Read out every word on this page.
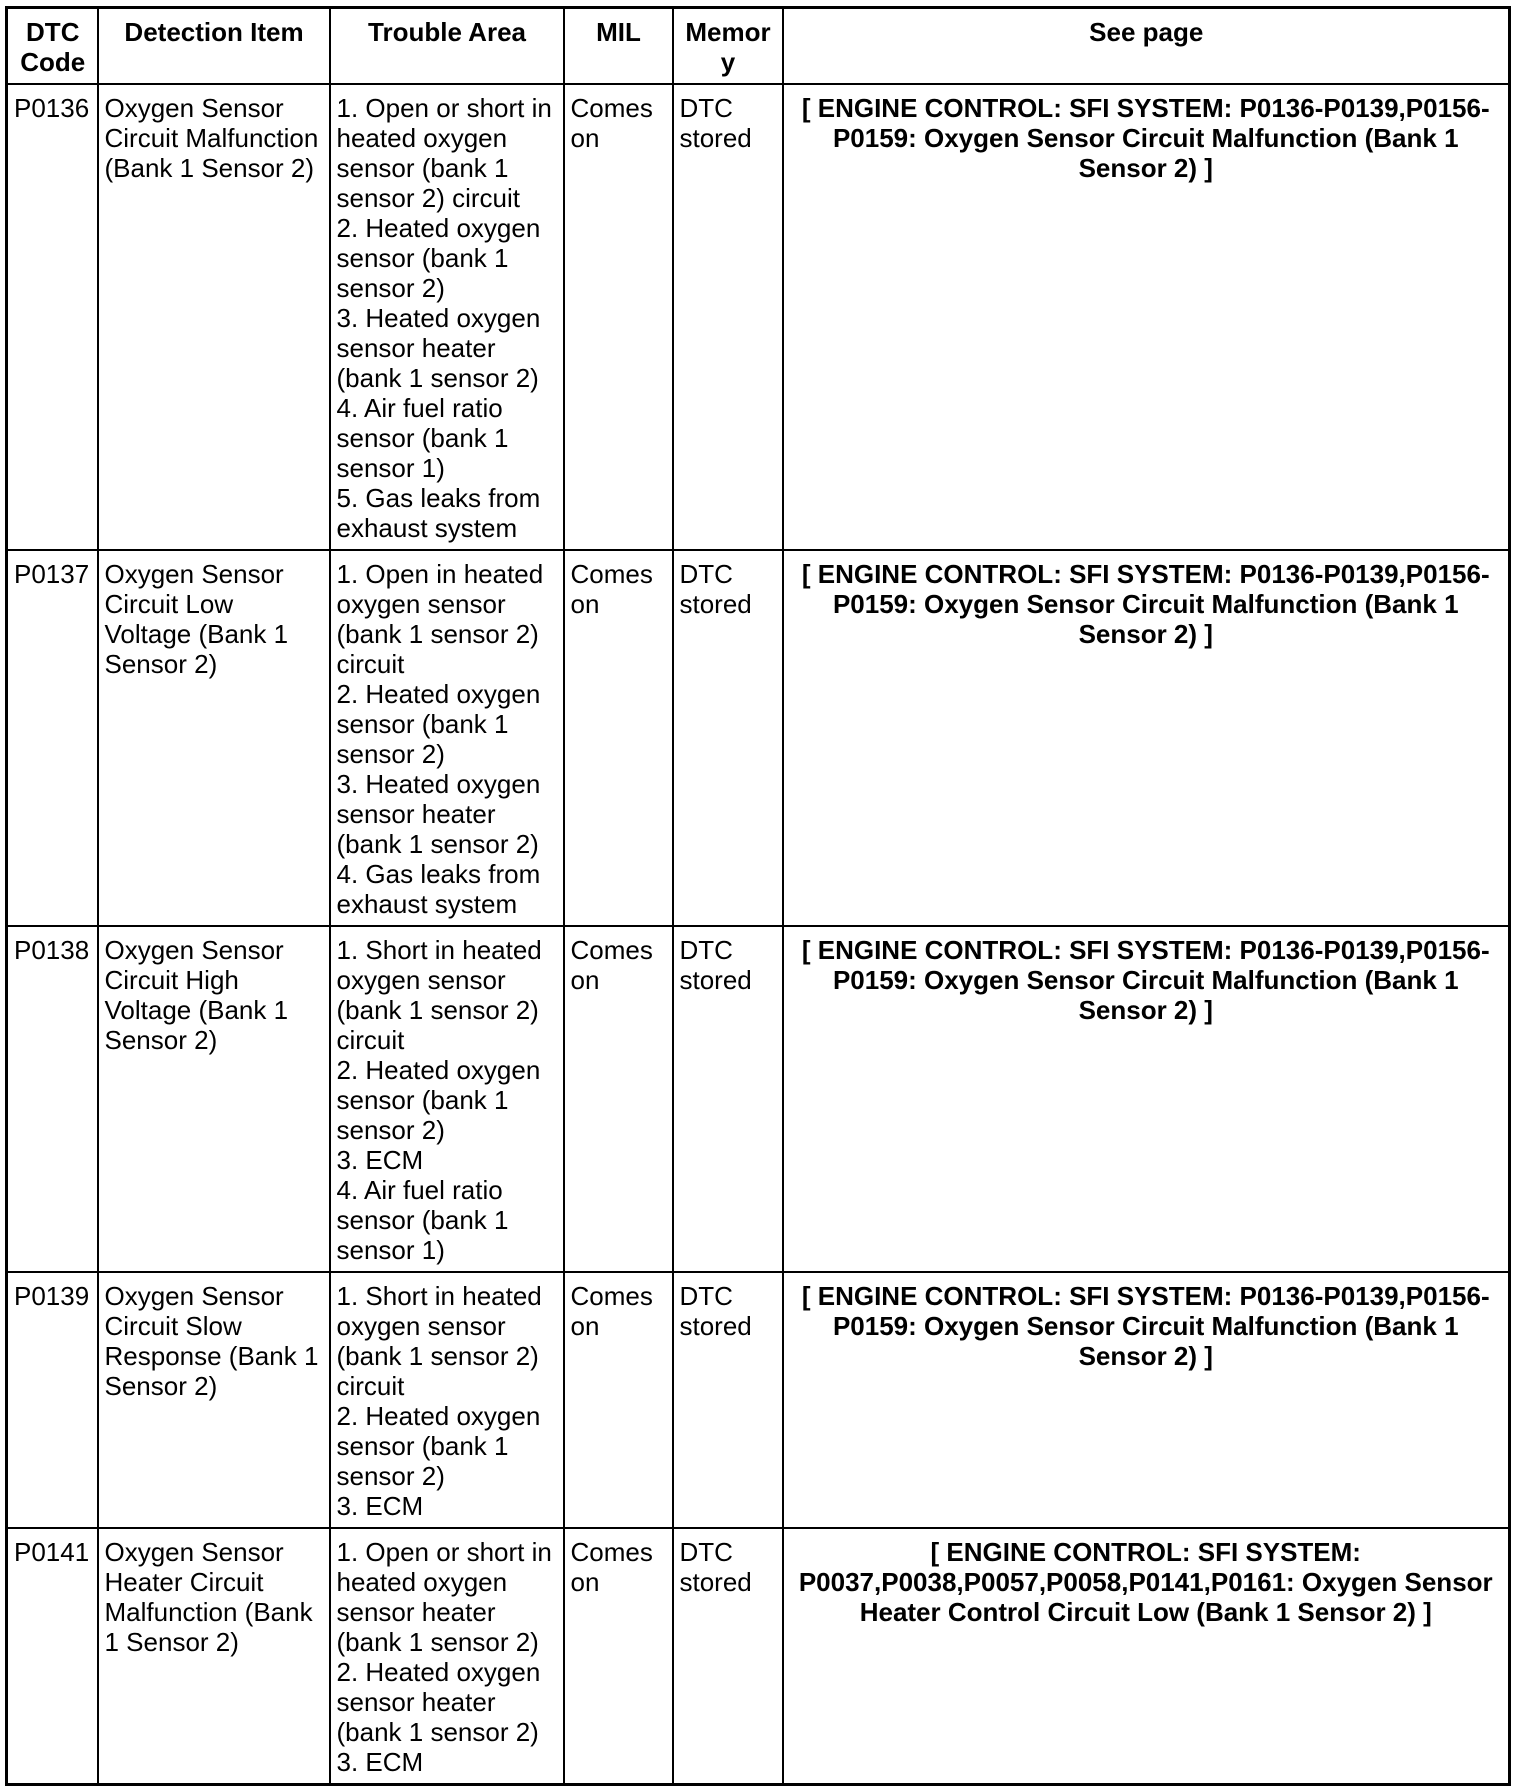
DTC Code	Detection Item	Trouble Area	MIL	Memory	See page
P0136	Oxygen Sensor Circuit Malfunction (Bank 1 Sensor 2)	1. Open or short in heated oxygen sensor (bank 1 sensor 2) circuit
2. Heated oxygen sensor (bank 1 sensor 2)
3. Heated oxygen sensor heater (bank 1 sensor 2)
4. Air fuel ratio sensor (bank 1 sensor 1)
5. Gas leaks from exhaust system	Comes on	DTC stored	[ ENGINE CONTROL: SFI SYSTEM: P0136-P0139,P0156-P0159: Oxygen Sensor Circuit Malfunction (Bank 1 Sensor 2) ]
P0137	Oxygen Sensor Circuit Low Voltage (Bank 1 Sensor 2)	1. Open in heated oxygen sensor (bank 1 sensor 2) circuit
2. Heated oxygen sensor (bank 1 sensor 2)
3. Heated oxygen sensor heater (bank 1 sensor 2)
4. Gas leaks from exhaust system	Comes on	DTC stored	[ ENGINE CONTROL: SFI SYSTEM: P0136-P0139,P0156-P0159: Oxygen Sensor Circuit Malfunction (Bank 1 Sensor 2) ]
P0138	Oxygen Sensor Circuit High Voltage (Bank 1 Sensor 2)	1. Short in heated oxygen sensor (bank 1 sensor 2) circuit
2. Heated oxygen sensor (bank 1 sensor 2)
3. ECM
4. Air fuel ratio sensor (bank 1 sensor 1)	Comes on	DTC stored	[ ENGINE CONTROL: SFI SYSTEM: P0136-P0139,P0156-P0159: Oxygen Sensor Circuit Malfunction (Bank 1 Sensor 2) ]
P0139	Oxygen Sensor Circuit Slow Response (Bank 1 Sensor 2)	1. Short in heated oxygen sensor (bank 1 sensor 2) circuit
2. Heated oxygen sensor (bank 1 sensor 2)
3. ECM	Comes on	DTC stored	[ ENGINE CONTROL: SFI SYSTEM: P0136-P0139,P0156-P0159: Oxygen Sensor Circuit Malfunction (Bank 1 Sensor 2) ]
P0141	Oxygen Sensor Heater Circuit Malfunction (Bank 1 Sensor 2)	1. Open or short in heated oxygen sensor heater (bank 1 sensor 2)
2. Heated oxygen sensor heater (bank 1 sensor 2)
3. ECM	Comes on	DTC stored	[ ENGINE CONTROL: SFI SYSTEM: P0037,P0038,P0057,P0058,P0141,P0161: Oxygen Sensor Heater Control Circuit Low (Bank 1 Sensor 2) ]
